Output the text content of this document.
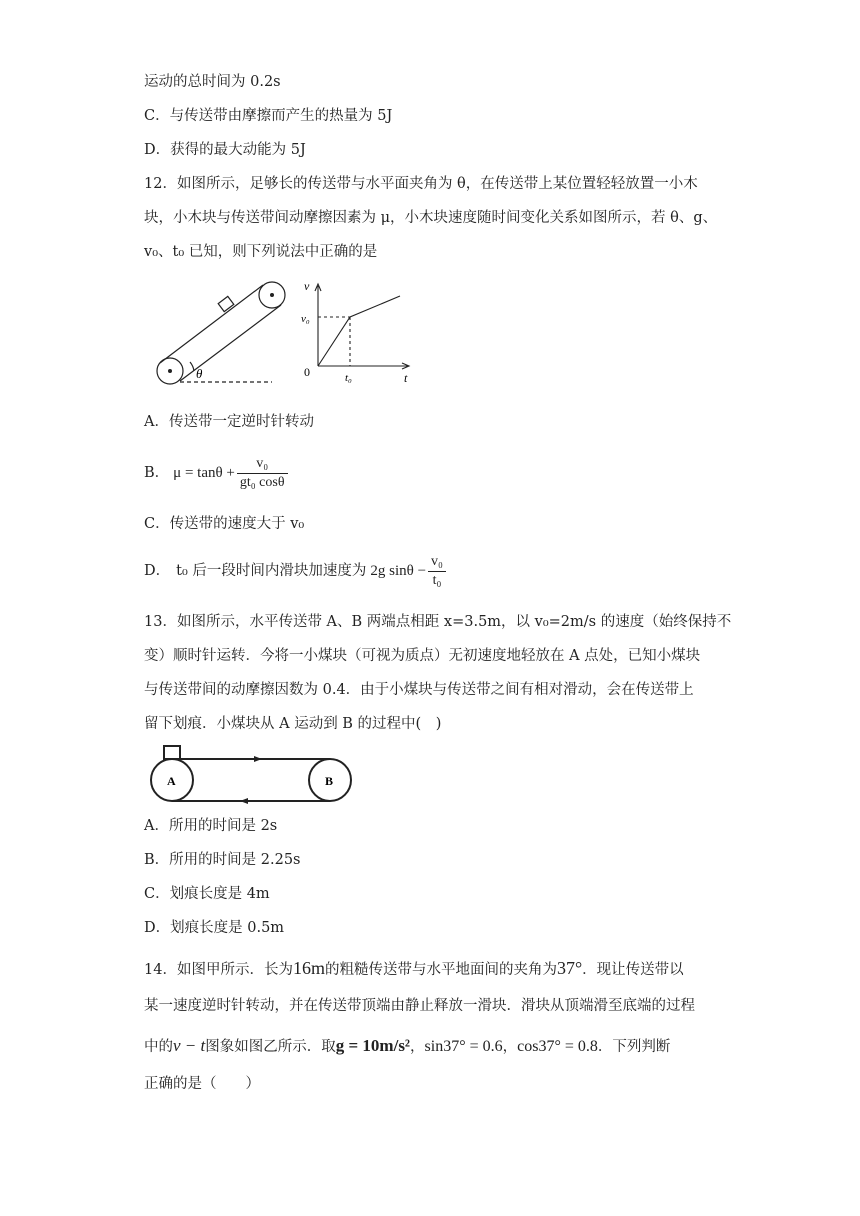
运动的总时间为 0.2s
C．与传送带由摩擦而产生的热量为 5J
D．获得的最大动能为 5J
12．如图所示，足够长的传送带与水平面夹角为 θ，在传送带上某位置轻轻放置一小木
块，小木块与传送带间动摩擦因素为 μ，小木块速度随时间变化关系如图所示，若 θ、g、
v₀、t₀ 已知，则下列说法中正确的是
θ
v
v₀
0	t₀	t
A．传送带一定逆时针转动
B． $\mu = \tan\theta + \frac{\text{v₀}}{\text{gt₀ cosθ}}$
C．传送带的速度大于 v₀
D． t₀ 后一段时间内滑块加速度为 2g $\sin\theta - \frac{\text{v₀}}{\text{t₀}}$
13．如图所示，水平传送带 A、B 两端点相距 x=3.5m，以 v₀=2m/s 的速度（始终保持不
变）顺时针运转．今将一小煤块（可视为质点）无初速度地轻放在 A 点处，已知小煤块
与传送带间的动摩擦因数为 0.4．由于小煤块与传送带之间有相对滑动，会在传送带上
留下划痕．小煤块从 A 运动到 B 的过程中(　)
A	B
A．所用的时间是 2s
B．所用的时间是 2.25s
C．划痕长度是 4m
D．划痕长度是 0.5m
14．如图甲所示．长为16m的粗糙传送带与水平地面间的夹角为37°．现让传送带以
某一速度逆时针转动，并在传送带顶端由静止释放一滑块．滑块从顶端滑至底端的过程
中的v − t图象如图乙所示．取g = 10m/s²，sin37° = 0.6，cos37° = 0.8．下列判断
正确的是（　　）
